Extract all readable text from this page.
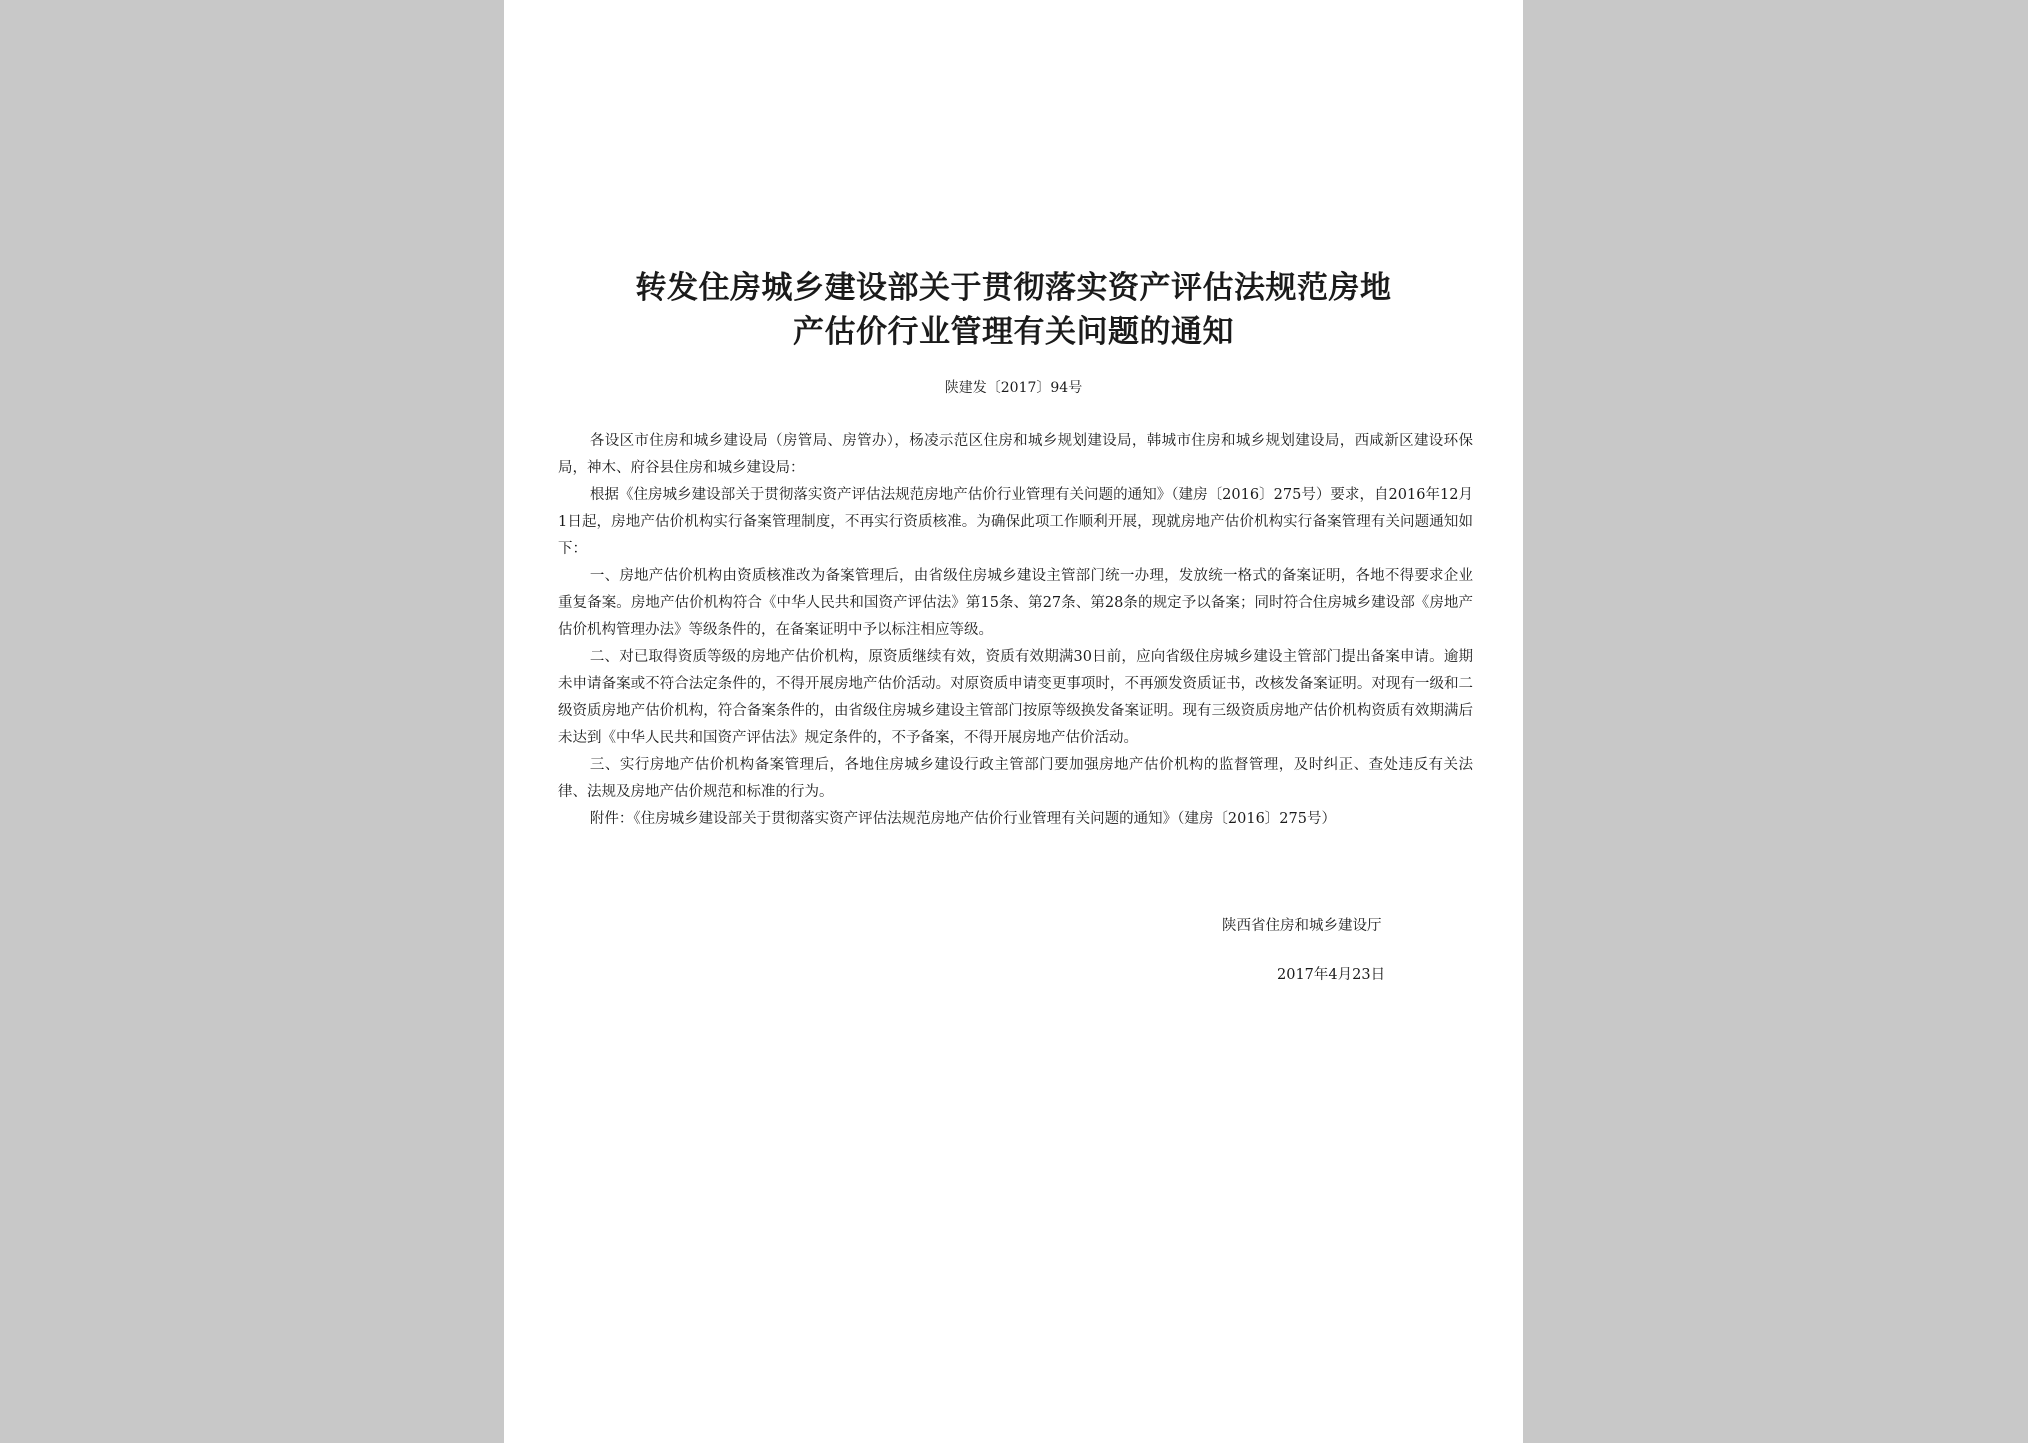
转发住房城乡建设部关于贯彻落实资产评估法规范房地
产估价行业管理有关问题的通知
陕建发〔2017〕94号

各设区市住房和城乡建设局（房管局、房管办），杨凌示范区住房和城乡规划建设局，韩城市住房和城乡规划建设局，西咸新区建设环保局，神木、府谷县住房和城乡建设局：

根据《住房城乡建设部关于贯彻落实资产评估法规范房地产估价行业管理有关问题的通知》（建房〔2016〕275号）要求，自2016年12月1日起，房地产估价机构实行备案管理制度，不再实行资质核准。为确保此项工作顺利开展，现就房地产估价机构实行备案管理有关问题通知如下：

一、房地产估价机构由资质核准改为备案管理后，由省级住房城乡建设主管部门统一办理，发放统一格式的备案证明，各地不得要求企业重复备案。房地产估价机构符合《中华人民共和国资产评估法》第15条、第27条、第28条的规定予以备案；同时符合住房城乡建设部《房地产估价机构管理办法》等级条件的，在备案证明中予以标注相应等级。

二、对已取得资质等级的房地产估价机构，原资质继续有效，资质有效期满30日前，应向省级住房城乡建设主管部门提出备案申请。逾期未申请备案或不符合法定条件的，不得开展房地产估价活动。对原资质申请变更事项时，不再颁发资质证书，改核发备案证明。对现有一级和二级资质房地产估价机构，符合备案条件的，由省级住房城乡建设主管部门按原等级换发备案证明。现有三级资质房地产估价机构资质有效期满后未达到《中华人民共和国资产评估法》规定条件的，不予备案，不得开展房地产估价活动。

三、实行房地产估价机构备案管理后，各地住房城乡建设行政主管部门要加强房地产估价机构的监督管理，及时纠正、查处违反有关法律、法规及房地产估价规范和标准的行为。

附件：《住房城乡建设部关于贯彻落实资产评估法规范房地产估价行业管理有关问题的通知》（建房〔2016〕275号）

陕西省住房和城乡建设厅
2017年4月23日
